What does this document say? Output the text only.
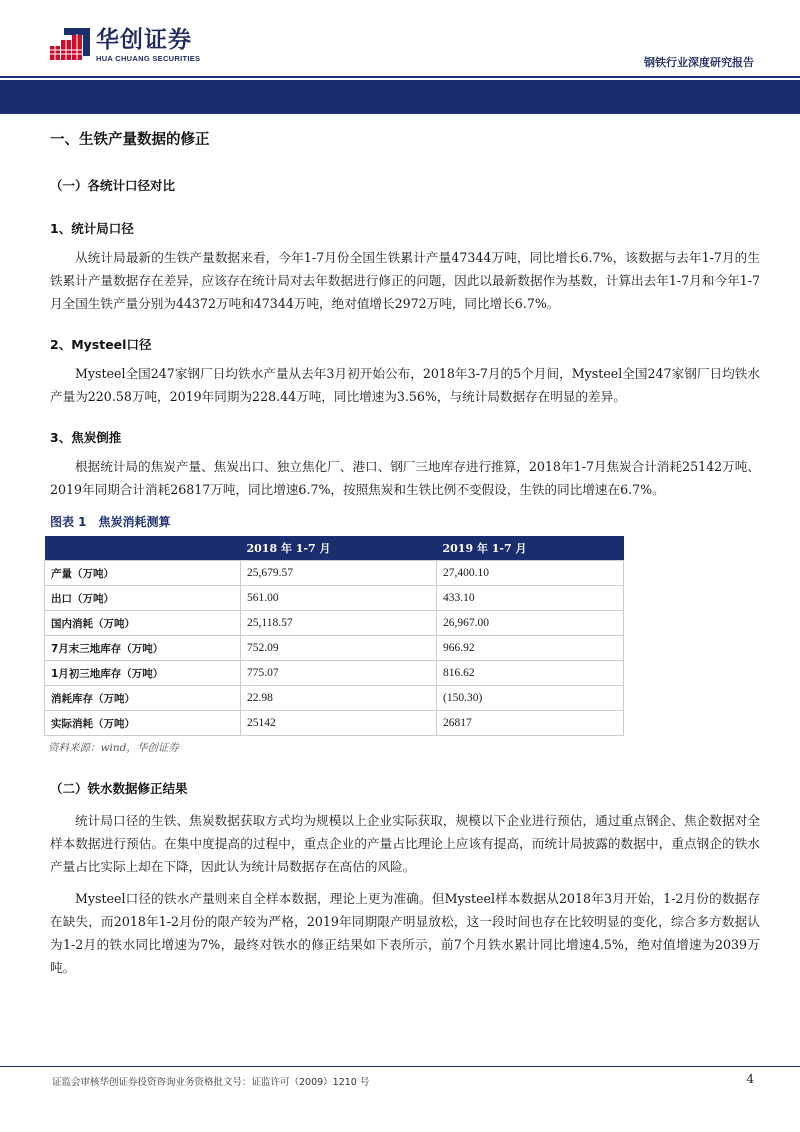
华创证券
HUA CHUANG SECURITIES	钢铁行业深度研究报告
一、生铁产量数据的修正
（一）各统计口径对比
1、统计局口径

从统计局最新的生铁产量数据来看，今年1-7月份全国生铁累计产量47344万吨，同比增长6.7%，该数据与去年1-7月的生铁累计产量数据存在差异，应该存在统计局对去年数据进行修正的问题，因此以最新数据作为基数，计算出去年1-7月和今年1-7月全国生铁产量分别为44372万吨和47344万吨，绝对值增长2972万吨，同比增长6.7%。

2、Mysteel口径

Mysteel全国247家钢厂日均铁水产量从去年3月初开始公布，2018年3-7月的5个月间，Mysteel全国247家钢厂日均铁水产量为220.58万吨，2019年同期为228.44万吨，同比增速为3.56%，与统计局数据存在明显的差异。

3、焦炭倒推

根据统计局的焦炭产量、焦炭出口、独立焦化厂、港口、钢厂三地库存进行推算，2018年1-7月焦炭合计消耗25142万吨、2019年同期合计消耗26817万吨，同比增速6.7%，按照焦炭和生铁比例不变假设，生铁的同比增速在6.7%。

图表 1　焦炭消耗测算
	2018 年 1-7 月	2019 年 1-7 月
产量（万吨）	25,679.57	27,400.10
出口（万吨）	561.00	433.10
国内消耗（万吨）	25,118.57	26,967.00
7月末三地库存（万吨）	752.09	966.92
1月初三地库存（万吨）	775.07	816.62
消耗库存（万吨）	22.98	(150.30)
实际消耗（万吨）	25142	26817
资料来源：wind，华创证券
（二）铁水数据修正结果

统计局口径的生铁、焦炭数据获取方式均为规模以上企业实际获取，规模以下企业进行预估，通过重点钢企、焦企数据对全样本数据进行预估。在集中度提高的过程中，重点企业的产量占比理论上应该有提高，而统计局披露的数据中，重点钢企的铁水产量占比实际上却在下降，因此认为统计局数据存在高估的风险。

Mysteel口径的铁水产量则来自全样本数据，理论上更为准确。但Mysteel样本数据从2018年3月开始，1-2月份的数据存在缺失，而2018年1-2月份的限产较为严格，2019年同期限产明显放松，这一段时间也存在比较明显的变化，综合多方数据认为1-2月的铁水同比增速为7%，最终对铁水的修正结果如下表所示，前7个月铁水累计同比增速4.5%，绝对值增速为2039万吨。

证监会审核华创证券投资咨询业务资格批文号：证监许可（2009）1210 号	4
